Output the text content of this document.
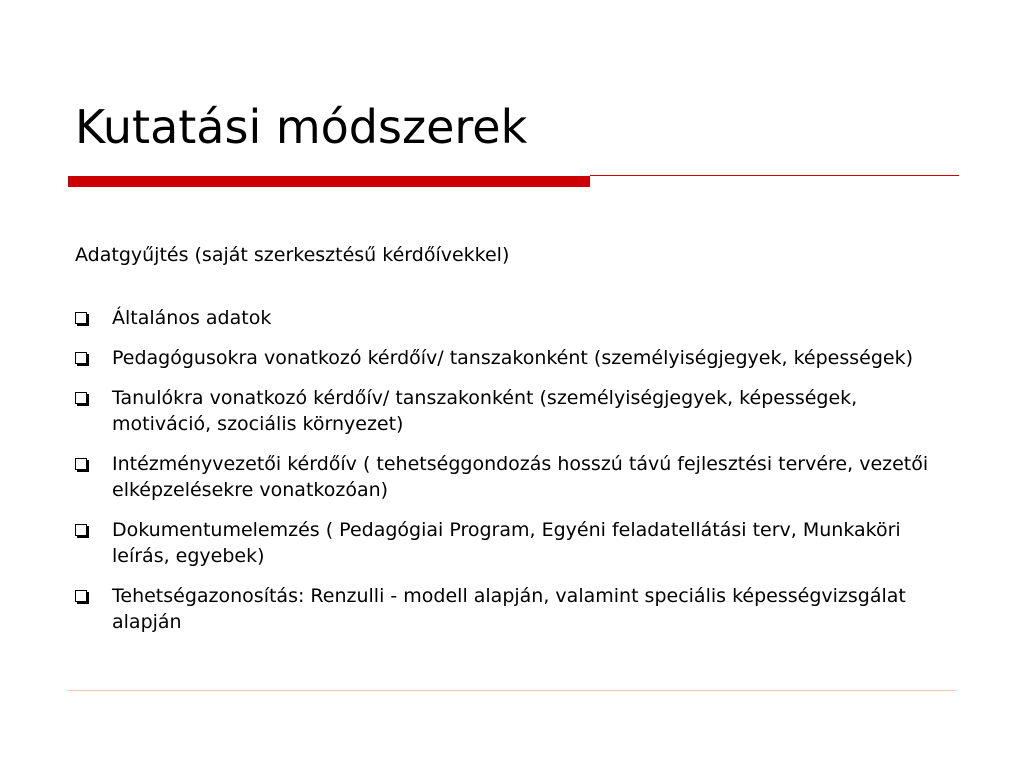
Kutatási módszerek
Adatgyűjtés (saját szerkesztésű kérdőívekkel)
Általános adatok
Pedagógusokra vonatkozó kérdőív/ tanszakonként (személyiségjegyek, képességek)
Tanulókra vonatkozó kérdőív/ tanszakonként (személyiségjegyek, képességek, motiváció, szociális környezet)
Intézményvezetői kérdőív ( tehetséggondozás hosszú távú fejlesztési tervére, vezetői elképzelésekre vonatkozóan)
Dokumentumelemzés ( Pedagógiai Program, Egyéni feladatellátási terv, Munkaköri leírás, egyebek)
Tehetségazonosítás: Renzulli - modell alapján, valamint speciális képességvizsgálat alapján
